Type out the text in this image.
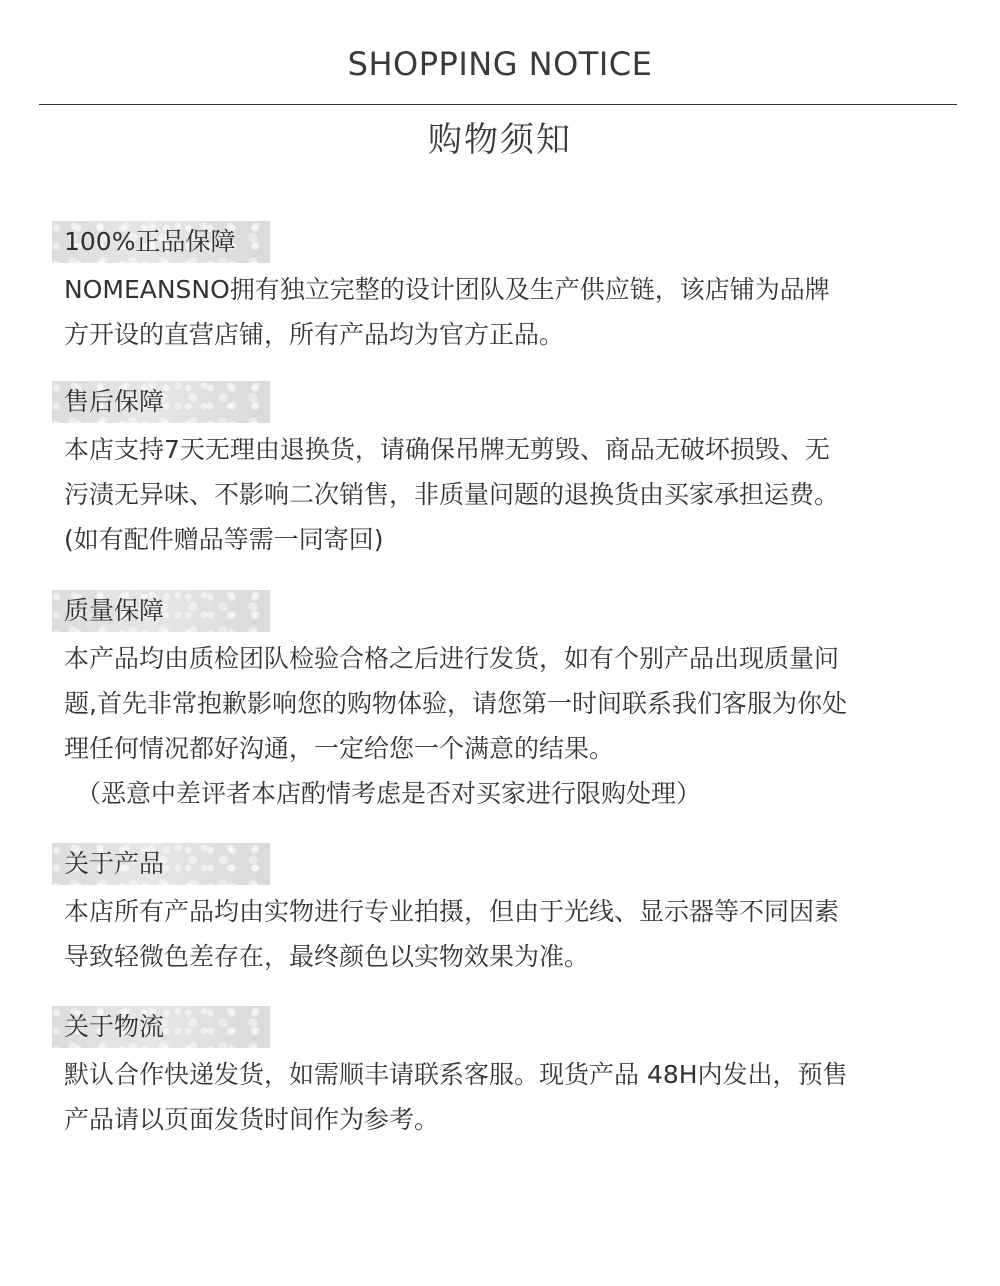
SHOPPING NOTICE
购物须知
100%正品保障
NOMEANSNO拥有独立完整的设计团队及生产供应链，该店铺为品牌
方开设的直营店铺，所有产品均为官方正品。
售后保障
本店支持7天无理由退换货，请确保吊牌无剪毁、商品无破坏损毁、无
污渍无异味、不影响二次销售，非质量问题的退换货由买家承担运费。
(如有配件赠品等需一同寄回)
质量保障
本产品均由质检团队检验合格之后进行发货，如有个别产品出现质量问
题,首先非常抱歉影响您的购物体验，请您第一时间联系我们客服为你处
理任何情况都好沟通，一定给您一个满意的结果。
（恶意中差评者本店酌情考虑是否对买家进行限购处理）
关于产品
本店所有产品均由实物进行专业拍摄，但由于光线、显示器等不同因素
导致轻微色差存在，最终颜色以实物效果为准。
关于物流
默认合作快递发货，如需顺丰请联系客服。现货产品 48H内发出，预售
产品请以页面发货时间作为参考。
